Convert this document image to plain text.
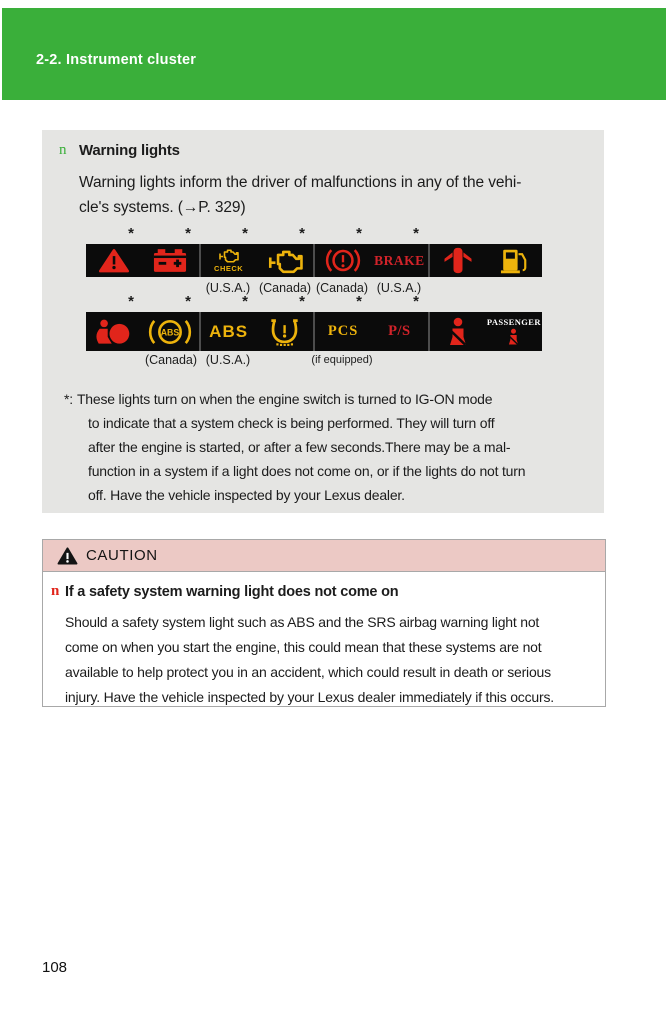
2-2. Instrument cluster
n Warning lights
Warning lights inform the driver of malfunctions in any of the vehi-
cle's systems. (→P. 329)
*	*	*	*	*	*
CHECK
BRAKE
(U.S.A.) (Canada) (Canada) (U.S.A.)
*	*	*	*	*	*
ABS ABS	PCS P/S
PASSENGER
(Canada) (U.S.A.)	(if equipped)
*: These lights turn on when the engine switch is turned to IG-ON mode
to indicate that a system check is being performed. They will turn off
after the engine is started, or after a few seconds.There may be a mal-
function in a system if a light does not come on, or if the lights do not turn
off. Have the vehicle inspected by your Lexus dealer.
CAUTION
n If a safety system warning light does not come on
Should a safety system light such as ABS and the SRS airbag warning light not
come on when you start the engine, this could mean that these systems are not
available to help protect you in an accident, which could result in death or serious
injury. Have the vehicle inspected by your Lexus dealer immediately if this occurs.
108
